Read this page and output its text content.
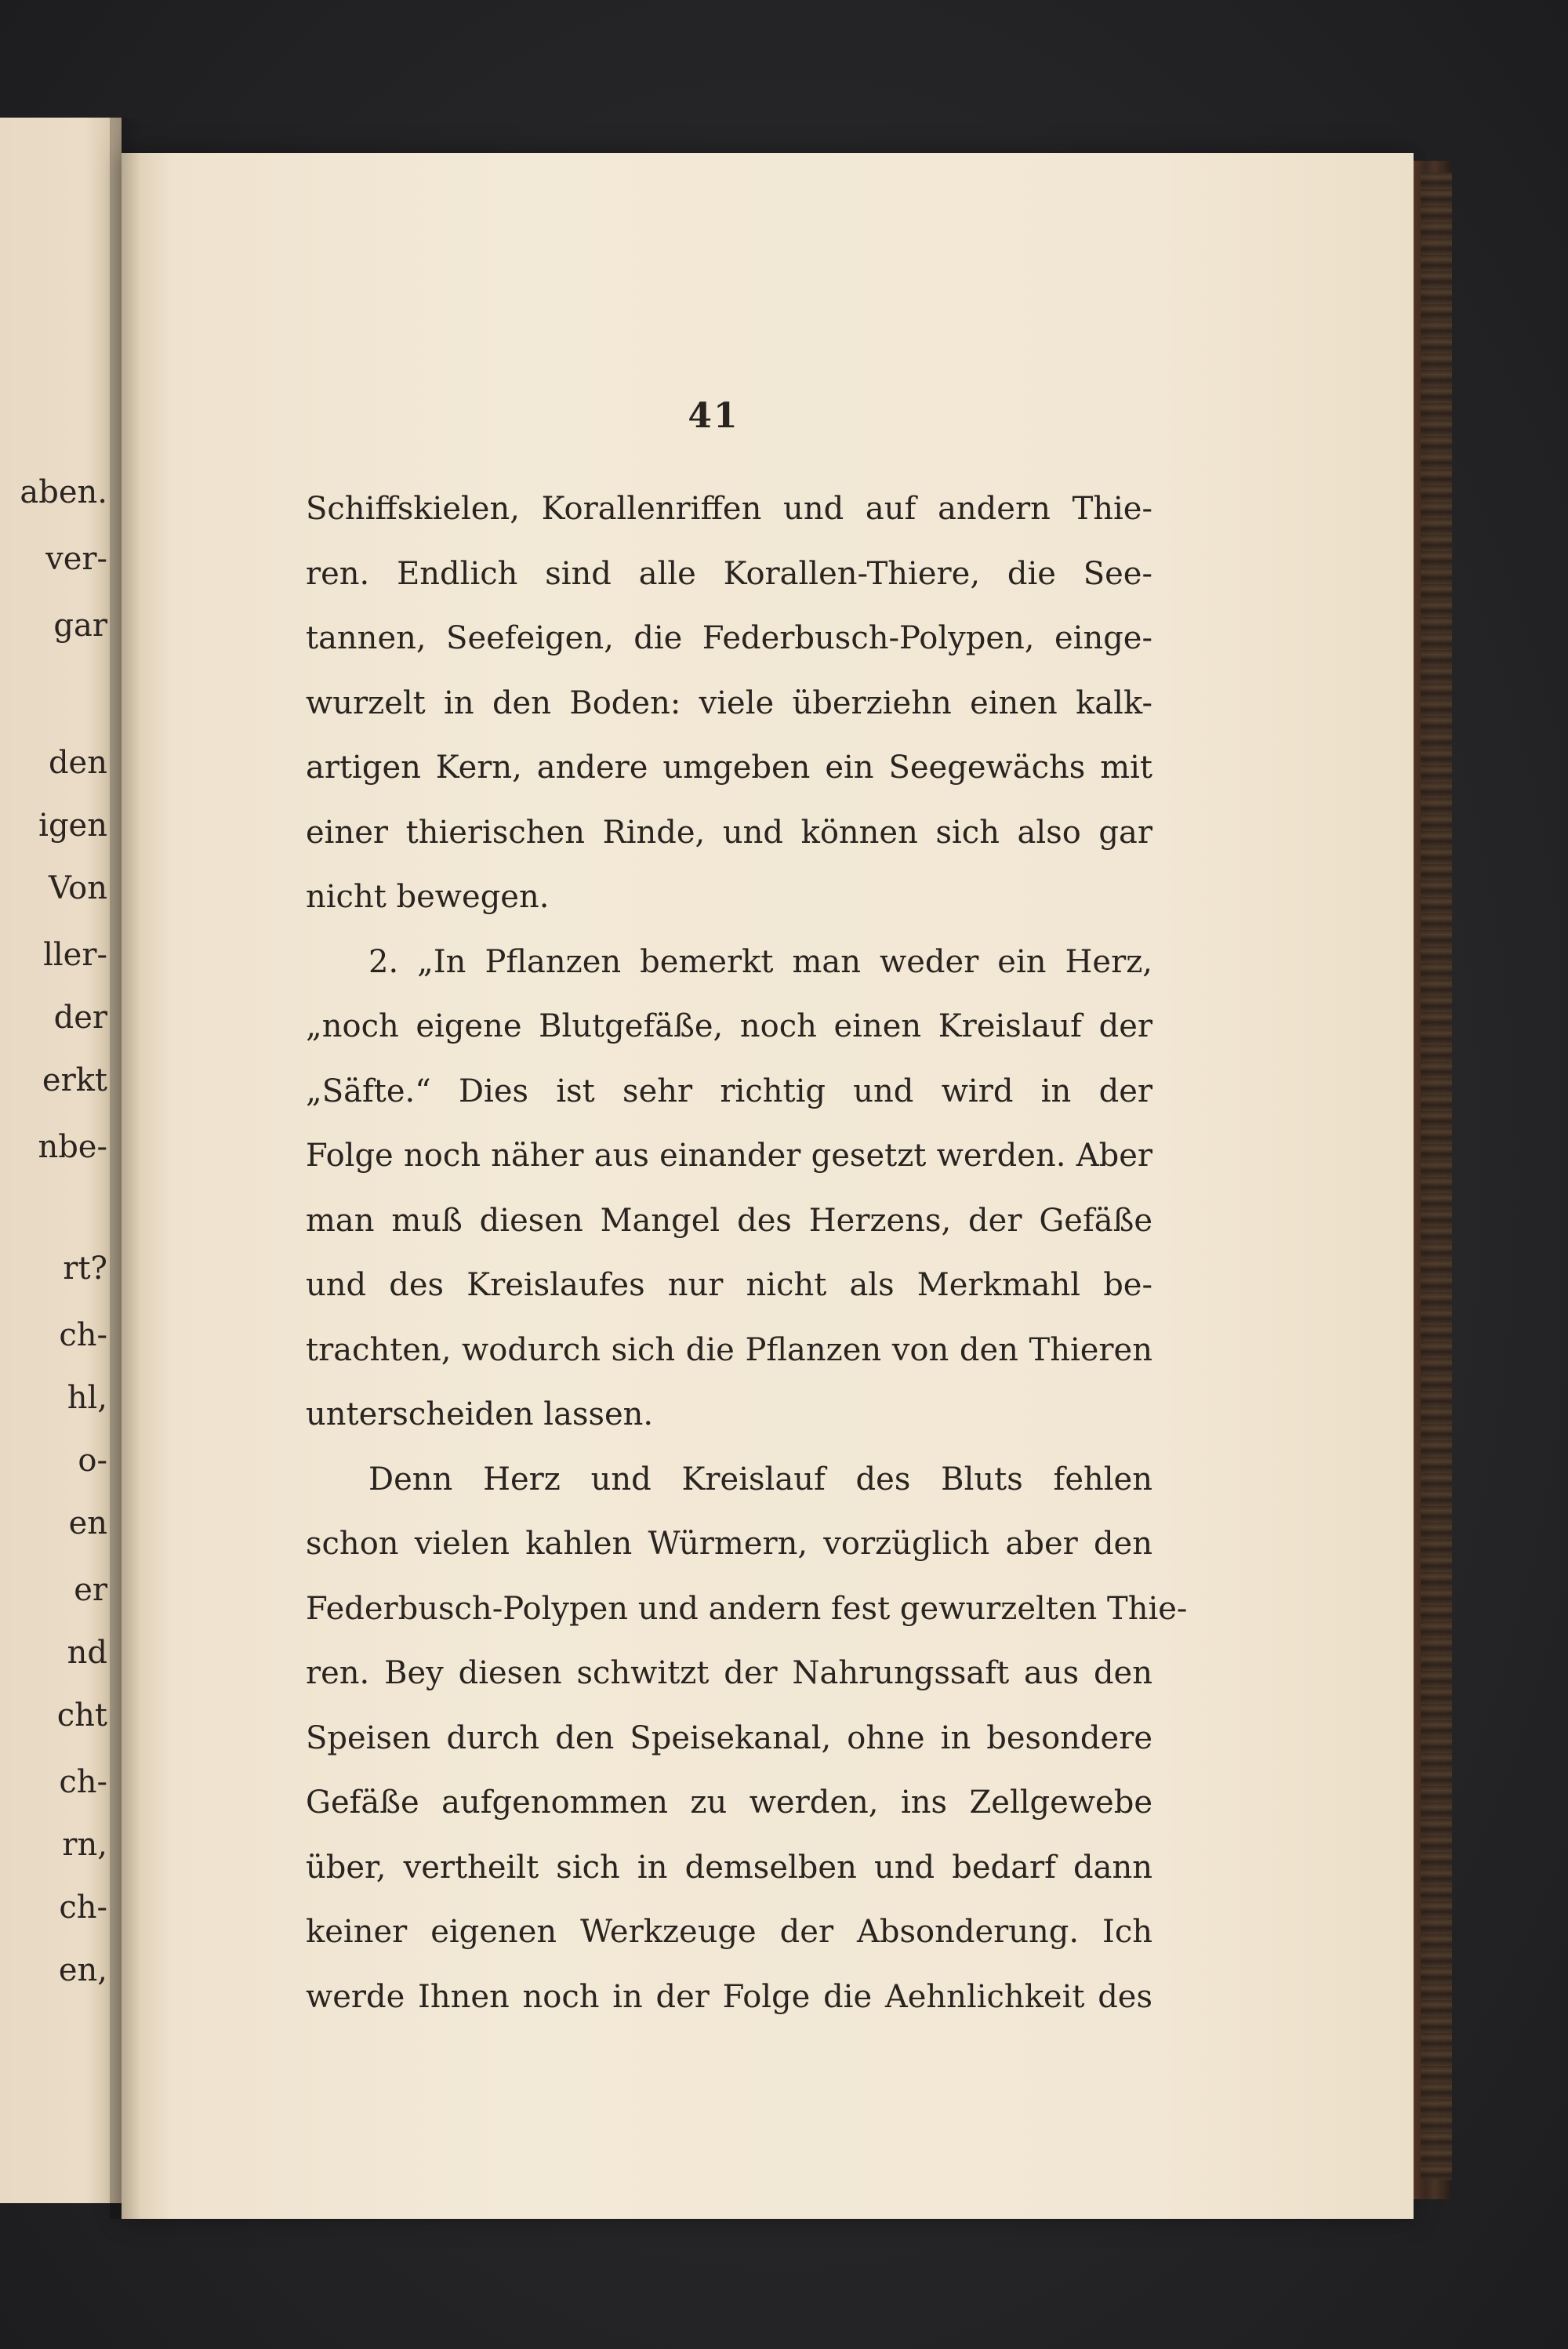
aben.
ver-
gar
den
igen
Von
ller-
der
erkt
nbe-
rt?
ch-
hl,
o-
en
er
nd
cht
ch-
rn,
ch-
en,
41
Schiffskielen, Korallenriffen und auf andern Thie-
ren. Endlich sind alle Korallen-Thiere, die See-
tannen, Seefeigen, die Federbusch-Polypen, einge-
wurzelt in den Boden: viele überziehn einen kalk-
artigen Kern, andere umgeben ein Seegewächs mit
einer thierischen Rinde, und können sich also gar
nicht bewegen.
2. „In Pflanzen bemerkt man weder ein Herz,
„noch eigene Blutgefäße, noch einen Kreislauf der
„Säfte.“ Dies ist sehr richtig und wird in der
Folge noch näher aus einander gesetzt werden. Aber
man muß diesen Mangel des Herzens, der Gefäße
und des Kreislaufes nur nicht als Merkmahl be-
trachten, wodurch sich die Pflanzen von den Thieren
unterscheiden lassen.
Denn Herz und Kreislauf des Bluts fehlen
schon vielen kahlen Würmern, vorzüglich aber den
Federbusch-Polypen und andern fest gewurzelten Thie-
ren. Bey diesen schwitzt der Nahrungssaft aus den
Speisen durch den Speisekanal, ohne in besondere
Gefäße aufgenommen zu werden, ins Zellgewebe
über, vertheilt sich in demselben und bedarf dann
keiner eigenen Werkzeuge der Absonderung. Ich
werde Ihnen noch in der Folge die Aehnlichkeit des
